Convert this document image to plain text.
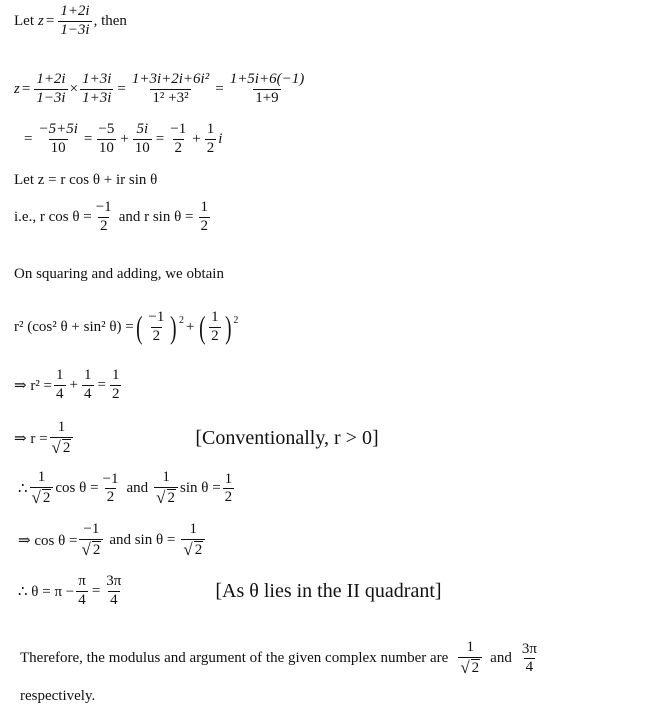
Let $z = \frac{1+2i}{1-3i}$ , then
$z = \frac{1+2i}{1-3i} \times \frac{1+3i}{1+3i} = \frac{\text{1+3i+2i+6i²}}{\text{1² +3²}} = \frac{1+5i+6(-1)}{1+9}$
= $\frac{-5+5i}{10} = \frac{-5}{10} + \frac{5i}{10} = \frac{-1}{2} + \frac{1}{2}$ i
Let z = r cos θ + ir sin θ
i.e., r $\cos \theta = \frac{-1}{2}$ and r $\sin \theta = \frac{1}{2}$
On squaring and adding, we obtain
r² (cos² θ + sin² θ) = ( $\frac{-1}{2}$ ) 2 + ( $\frac{1}{2}$ ) 2
⇒ $r^2 = \frac{1}{4} + \frac{1}{4} = \frac{1}{2}$
⇒ $r = \frac{1}{√ 2}$	[Conventionally, r > 0]
∴ $\frac{1}{√ 2}$ $\cos \theta = \frac{-1}{2}$ and $\frac{1}{√ 2}$ $\sin \theta = \frac{1}{2}$
⇒ $\cos \theta = \frac{-1}{√ 2}$ and $\sin \theta = \frac{1}{√ 2}$
∴ $\theta = \pi - \frac{\pi}{4} = \frac{3\pi}{4}$	[As θ lies in the II quadrant]
Therefore, the modulus and argument of the given complex number are $\frac{1}{√ 2}$ and $\frac{3\pi}{4}$
respectively.
